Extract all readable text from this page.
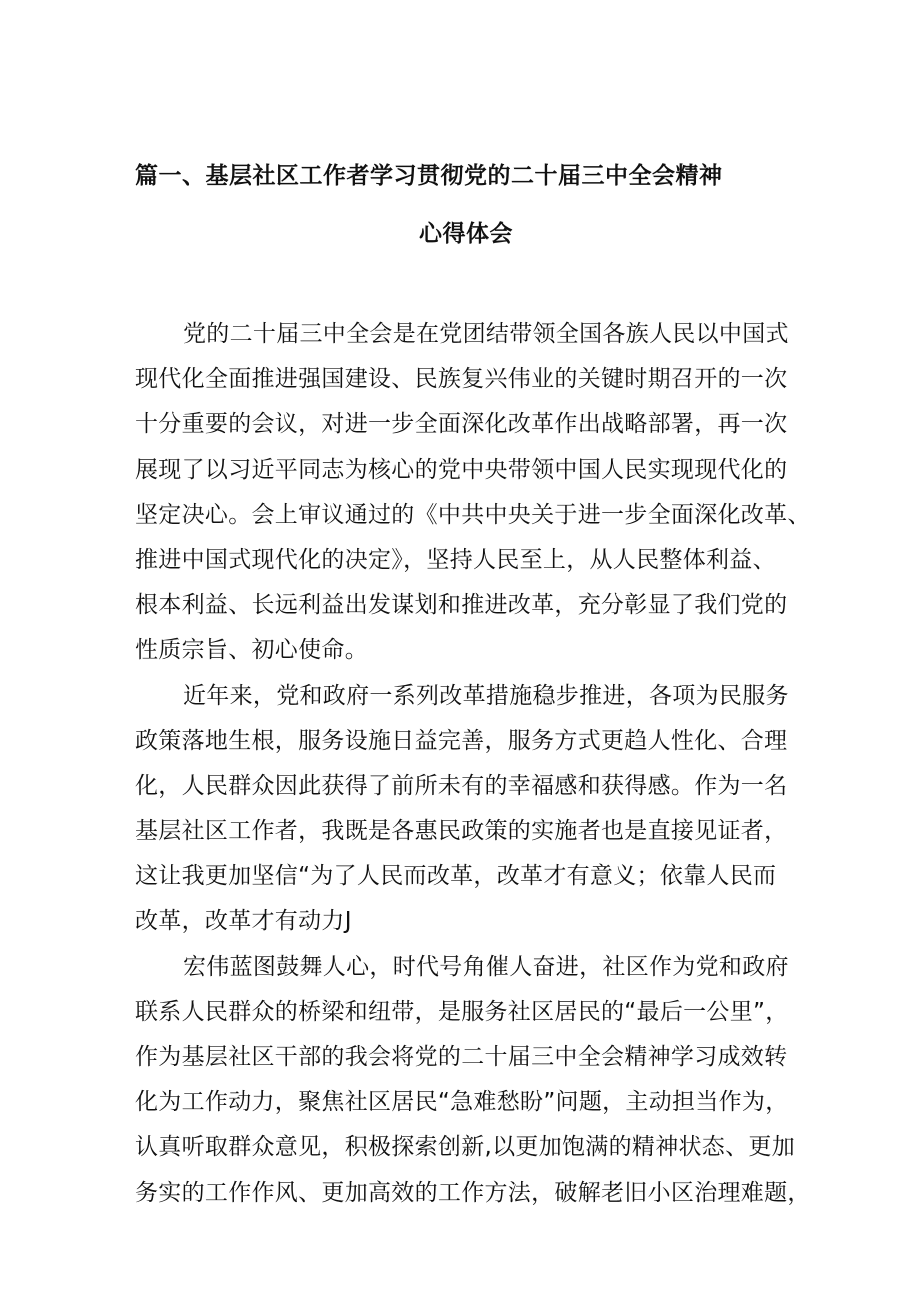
篇一、基层社区工作者学习贯彻党的二十届三中全会精神
心得体会
党的二十届三中全会是在党团结带领全国各族人民以中国式
现代化全面推进强国建设、民族复兴伟业的关键时期召开的一次
十分重要的会议，对进一步全面深化改革作出战略部署，再一次
展现了以习近平同志为核心的党中央带领中国人民实现现代化的
坚定决心。会上审议通过的《中共中央关于进一步全面深化改革、
推进中国式现代化的决定》，坚持人民至上，从人民整体利益、
根本利益、长远利益出发谋划和推进改革，充分彰显了我们党的
性质宗旨、初心使命。
近年来，党和政府一系列改革措施稳步推进，各项为民服务
政策落地生根，服务设施日益完善，服务方式更趋人性化、合理
化，人民群众因此获得了前所未有的幸福感和获得感。作为一名
基层社区工作者，我既是各惠民政策的实施者也是直接见证者，
这让我更加坚信“为了人民而改革，改革才有意义；依靠人民而
改革，改革才有动力J
宏伟蓝图鼓舞人心，时代号角催人奋进，社区作为党和政府
联系人民群众的桥梁和纽带，是服务社区居民的“最后一公里”，
作为基层社区干部的我会将党的二十届三中全会精神学习成效转
化为工作动力，聚焦社区居民“急难愁盼”问题，主动担当作为，
认真听取群众意见，积极探索创新,以更加饱满的精神状态、更加
务实的工作作风、更加高效的工作方法，破解老旧小区治理难题，
